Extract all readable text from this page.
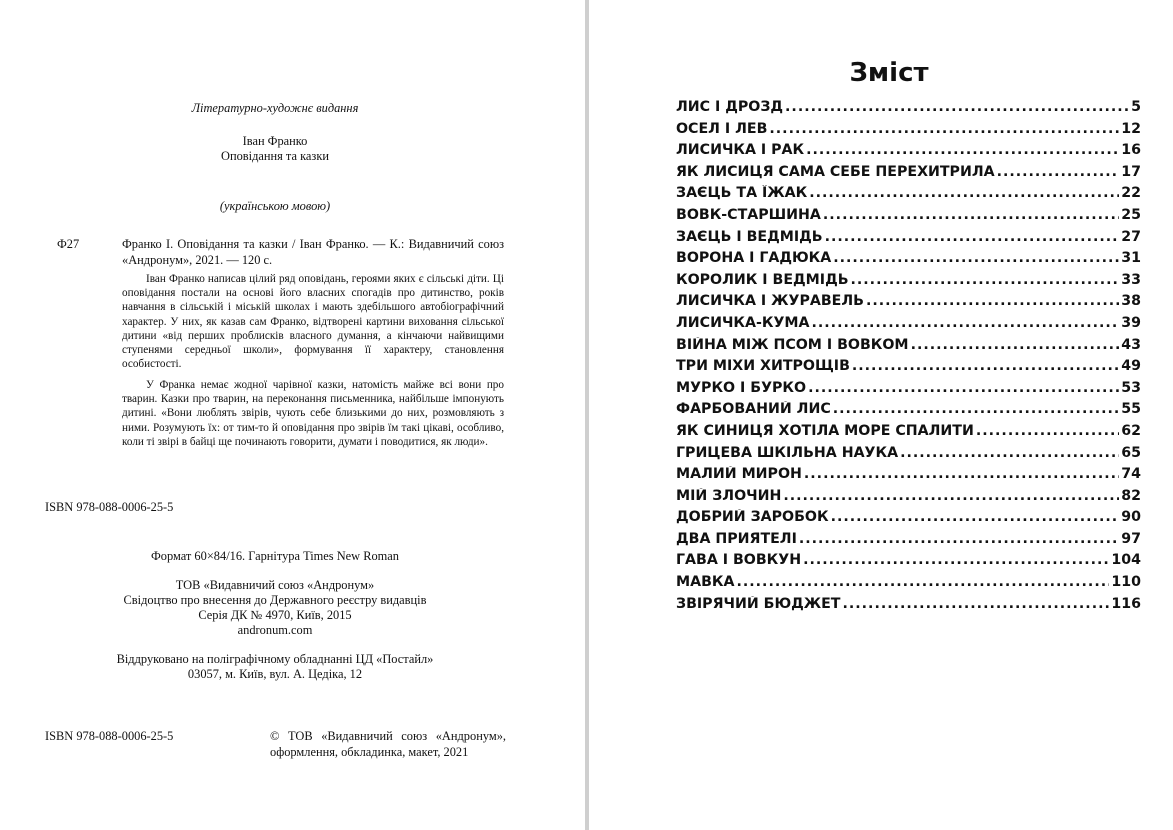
Літературно-художнє видання
Іван Франко
Оповідання та казки
(українською мовою)
Ф27	Франко І. Оповідання та казки / Іван Франко. — К.: Видавничий союз «Андронум», 2021. — 120 с.

Іван Франко написав цілий ряд оповідань, героями яких є сільські діти. Ці оповідання постали на основі його власних спогадів про дитинство, років навчання в сільській і міській школах і мають здебільшого автобіографічний характер. У них, як казав сам Франко, відтворені картини виховання сільської дитини «від перших проблисків власного думання, а кінчаючи найвищими ступенями середньої школи», формування її характеру, становлення особистості.

У Франка немає жодної чарівної казки, натомість майже всі вони про тварин. Казки про тварин, на переконання письменника, найбільше імпонують дитині. «Вони люблять звірів, чують себе близькими до них, розмовляють з ними. Розумують їх: от тим-то й оповідання про звірів їм такі цікаві, особливо, коли ті звірі в байці ще починають говорити, думати і поводитися, як люди».

ISBN 978-088-0006-25-5
Формат 60×84/16. Гарнітура Times New Roman
ТОВ «Видавничий союз «Андронум»
Свідоцтво про внесення до Державного реєстру видавців
Серія ДК № 4970, Київ, 2015
andronum.com
Віддруковано на поліграфічному обладнанні ЦД «Постайл»
03057, м. Київ, вул. А. Цедіка, 12
ISBN 978-088-0006-25-5	© ТОВ «Видавничий союз «Андронум», оформлення, обкладинка, макет, 2021
Зміст
ЛИС І ДРОЗД .....	5
ОСЕЛ І ЛЕВ .....	12
ЛИСИЧКА І РАК .....	16
ЯК ЛИСИЦЯ САМА СЕБЕ ПЕРЕХИТРИЛА .....	17
ЗАЄЦЬ ТА ЇЖАК .....	22
ВОВК-СТАРШИНА .....	25
ЗАЄЦЬ І ВЕДМІДЬ .....	27
ВОРОНА І ГАДЮКА .....	31
КОРОЛИК І ВЕДМІДЬ .....	33
ЛИСИЧКА І ЖУРАВЕЛЬ .....	38
ЛИСИЧКА-КУМА .....	39
ВІЙНА МІЖ ПСОМ І ВОВКОМ .....	43
ТРИ МІХИ ХИТРОЩІВ .....	49
МУРКО І БУРКО .....	53
ФАРБОВАНИЙ ЛИС .....	55
ЯК СИНИЦЯ ХОТІЛА МОРЕ СПАЛИТИ .....	62
ГРИЦЕВА ШКІЛЬНА НАУКА .....	65
МАЛИЙ МИРОН .....	74
МІЙ ЗЛОЧИН .....	82
ДОБРИЙ ЗАРОБОК .....	90
ДВА ПРИЯТЕЛІ .....	97
ГАВА І ВОВКУН .....	104
МАВКА .....	110
ЗВІРЯЧИЙ БЮДЖЕТ .....	116
